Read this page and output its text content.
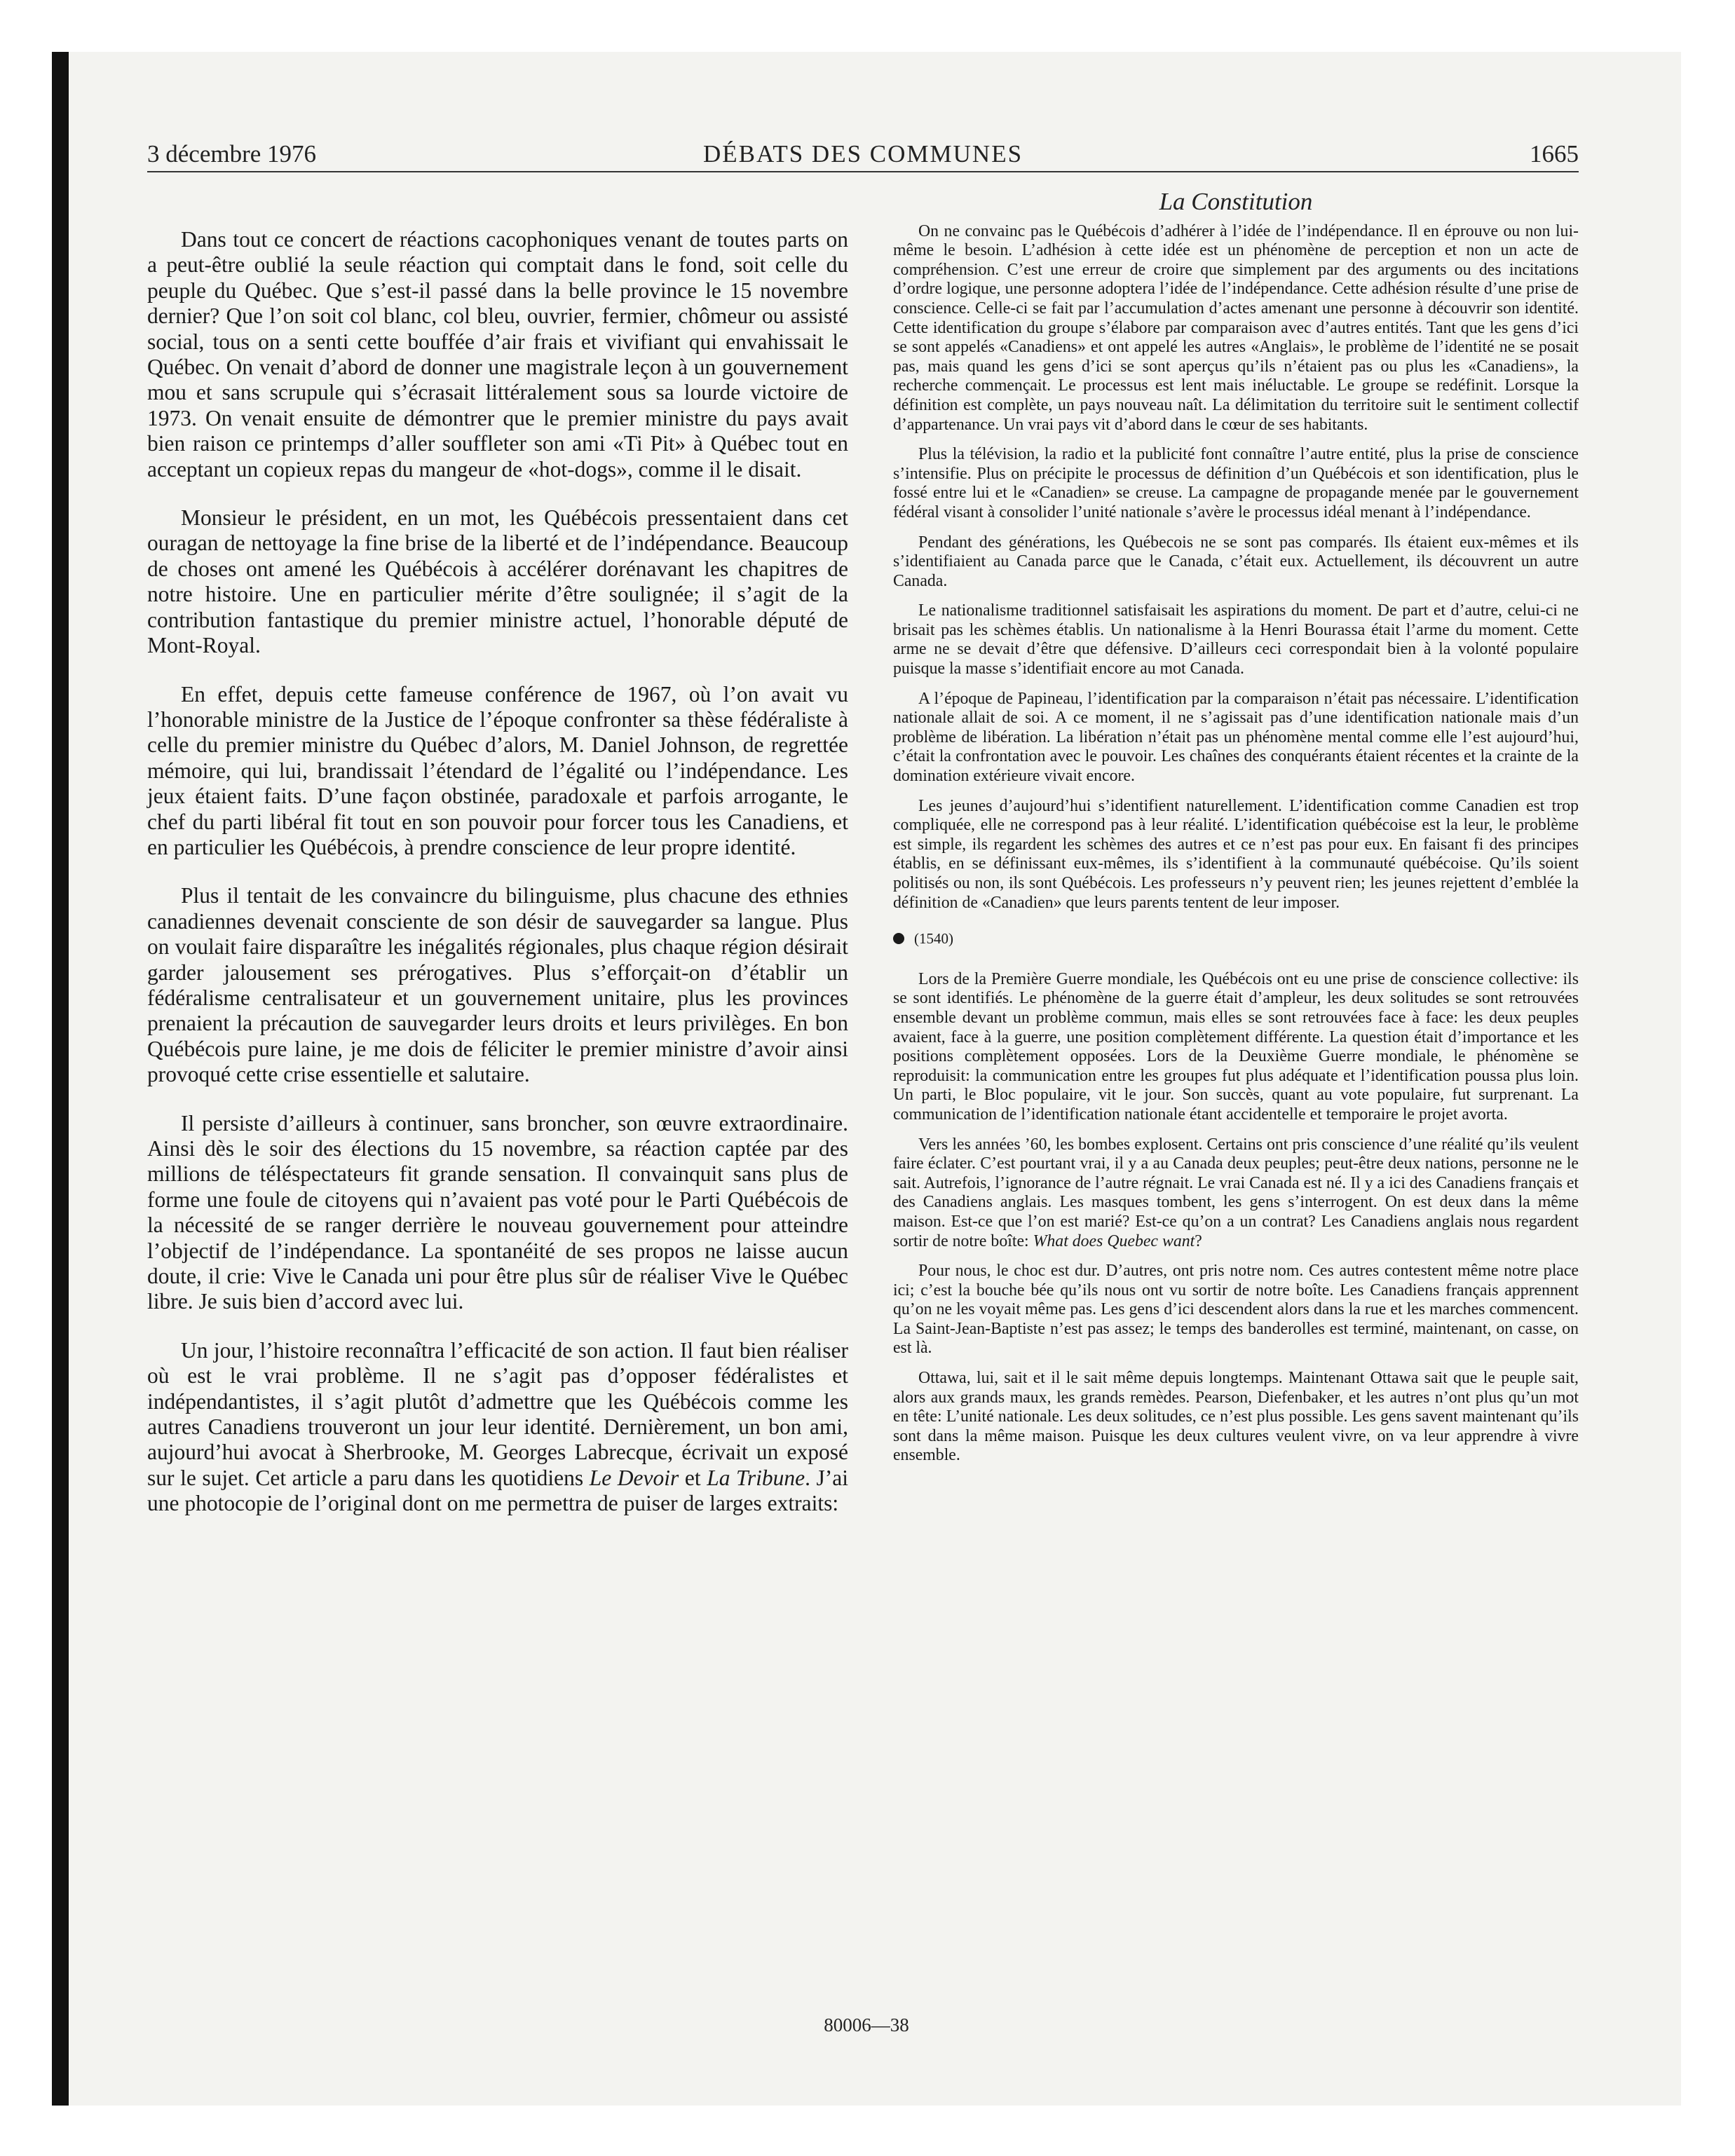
3 décembre 1976	DÉBATS DES COMMUNES	1665

Dans tout ce concert de réactions cacophoniques venant de toutes parts on a peut-être oublié la seule réaction qui comptait dans le fond, soit celle du peuple du Québec. Que s’est-il passé dans la belle province le 15 novembre dernier? Que l’on soit col blanc, col bleu, ouvrier, fermier, chômeur ou assisté social, tous on a senti cette bouffée d’air frais et vivifiant qui envahissait le Québec. On venait d’abord de donner une magistrale leçon à un gouvernement mou et sans scrupule qui s’écrasait littéralement sous sa lourde victoire de 1973. On venait ensuite de démontrer que le premier ministre du pays avait bien raison ce printemps d’aller souffleter son ami «Ti Pit» à Québec tout en acceptant un copieux repas du mangeur de «hot-dogs», comme il le disait.

Monsieur le président, en un mot, les Québécois pressentaient dans cet ouragan de nettoyage la fine brise de la liberté et de l’indépendance. Beaucoup de choses ont amené les Québécois à accélérer dorénavant les chapitres de notre histoire. Une en particulier mérite d’être soulignée; il s’agit de la contribution fantastique du premier ministre actuel, l’honorable député de Mont-Royal.

En effet, depuis cette fameuse conférence de 1967, où l’on avait vu l’honorable ministre de la Justice de l’époque confronter sa thèse fédéraliste à celle du premier ministre du Québec d’alors, M. Daniel Johnson, de regrettée mémoire, qui lui, brandissait l’étendard de l’égalité ou l’indépendance. Les jeux étaient faits. D’une façon obstinée, paradoxale et parfois arrogante, le chef du parti libéral fit tout en son pouvoir pour forcer tous les Canadiens, et en particulier les Québécois, à prendre conscience de leur propre identité.

Plus il tentait de les convaincre du bilinguisme, plus chacune des ethnies canadiennes devenait consciente de son désir de sauvegarder sa langue. Plus on voulait faire disparaître les inégalités régionales, plus chaque région désirait garder jalousement ses prérogatives. Plus s’efforçait-on d’établir un fédéralisme centralisateur et un gouvernement unitaire, plus les provinces prenaient la précaution de sauvegarder leurs droits et leurs privilèges. En bon Québécois pure laine, je me dois de féliciter le premier ministre d’avoir ainsi provoqué cette crise essentielle et salutaire.

Il persiste d’ailleurs à continuer, sans broncher, son œuvre extraordinaire. Ainsi dès le soir des élections du 15 novembre, sa réaction captée par des millions de téléspectateurs fit grande sensation. Il convainquit sans plus de forme une foule de citoyens qui n’avaient pas voté pour le Parti Québécois de la nécessité de se ranger derrière le nouveau gouvernement pour atteindre l’objectif de l’indépendance. La spontanéité de ses propos ne laisse aucun doute, il crie: Vive le Canada uni pour être plus sûr de réaliser Vive le Québec libre. Je suis bien d’accord avec lui.

Un jour, l’histoire reconnaîtra l’efficacité de son action. Il faut bien réaliser où est le vrai problème. Il ne s’agit pas d’opposer fédéralistes et indépendantistes, il s’agit plutôt d’admettre que les Québécois comme les autres Canadiens trouveront un jour leur identité. Dernièrement, un bon ami, aujourd’hui avocat à Sherbrooke, M. Georges Labrecque, écrivait un exposé sur le sujet. Cet article a paru dans les quotidiens Le Devoir et La Tribune. J’ai une photocopie de l’original dont on me permettra de puiser de larges extraits:

La Constitution

On ne convainc pas le Québécois d’adhérer à l’idée de l’indépendance. Il en éprouve ou non lui-même le besoin. L’adhésion à cette idée est un phénomène de perception et non un acte de compréhension. C’est une erreur de croire que simplement par des arguments ou des incitations d’ordre logique, une personne adoptera l’idée de l’indépendance. Cette adhésion résulte d’une prise de conscience. Celle-ci se fait par l’accumulation d’actes amenant une personne à découvrir son identité. Cette identification du groupe s’élabore par comparaison avec d’autres entités. Tant que les gens d’ici se sont appelés «Canadiens» et ont appelé les autres «Anglais», le problème de l’identité ne se posait pas, mais quand les gens d’ici se sont aperçus qu’ils n’étaient pas ou plus les «Canadiens», la recherche commençait. Le processus est lent mais inéluctable. Le groupe se redéfinit. Lorsque la définition est complète, un pays nouveau naît. La délimitation du territoire suit le sentiment collectif d’appartenance. Un vrai pays vit d’abord dans le cœur de ses habitants.

Plus la télévision, la radio et la publicité font connaître l’autre entité, plus la prise de conscience s’intensifie. Plus on précipite le processus de définition d’un Québécois et son identification, plus le fossé entre lui et le «Canadien» se creuse. La campagne de propagande menée par le gouvernement fédéral visant à consolider l’unité nationale s’avère le processus idéal menant à l’indépendance.

Pendant des générations, les Québecois ne se sont pas comparés. Ils étaient eux-mêmes et ils s’identifiaient au Canada parce que le Canada, c’était eux. Actuellement, ils découvrent un autre Canada.

Le nationalisme traditionnel satisfaisait les aspirations du moment. De part et d’autre, celui-ci ne brisait pas les schèmes établis. Un nationalisme à la Henri Bourassa était l’arme du moment. Cette arme ne se devait d’être que défensive. D’ailleurs ceci correspondait bien à la volonté populaire puisque la masse s’identifiait encore au mot Canada.

A l’époque de Papineau, l’identification par la comparaison n’était pas nécessaire. L’identification nationale allait de soi. A ce moment, il ne s’agissait pas d’une identification nationale mais d’un problème de libération. La libération n’était pas un phénomène mental comme elle l’est aujourd’hui, c’était la confrontation avec le pouvoir. Les chaînes des conquérants étaient récentes et la crainte de la domination extérieure vivait encore.

Les jeunes d’aujourd’hui s’identifient naturellement. L’identification comme Canadien est trop compliquée, elle ne correspond pas à leur réalité. L’identification québécoise est la leur, le problème est simple, ils regardent les schèmes des autres et ce n’est pas pour eux. En faisant fi des principes établis, en se définissant eux-mêmes, ils s’identifient à la communauté québécoise. Qu’ils soient politisés ou non, ils sont Québécois. Les professeurs n’y peuvent rien; les jeunes rejettent d’emblée la définition de «Canadien» que leurs parents tentent de leur imposer.

(1540)

Lors de la Première Guerre mondiale, les Québécois ont eu une prise de conscience collective: ils se sont identifiés. Le phénomène de la guerre était d’ampleur, les deux solitudes se sont retrouvées ensemble devant un problème commun, mais elles se sont retrouvées face à face: les deux peuples avaient, face à la guerre, une position complètement différente. La question était d’importance et les positions complètement opposées. Lors de la Deuxième Guerre mondiale, le phénomène se reproduisit: la communication entre les groupes fut plus adéquate et l’identification poussa plus loin. Un parti, le Bloc populaire, vit le jour. Son succès, quant au vote populaire, fut surprenant. La communication de l’identification nationale étant accidentelle et temporaire le projet avorta.

Vers les années ’60, les bombes explosent. Certains ont pris conscience d’une réalité qu’ils veulent faire éclater. C’est pourtant vrai, il y a au Canada deux peuples; peut-être deux nations, personne ne le sait. Autrefois, l’ignorance de l’autre régnait. Le vrai Canada est né. Il y a ici des Canadiens français et des Canadiens anglais. Les masques tombent, les gens s’interrogent. On est deux dans la même maison. Est-ce que l’on est marié? Est-ce qu’on a un contrat? Les Canadiens anglais nous regardent sortir de notre boîte: What does Quebec want?

Pour nous, le choc est dur. D’autres, ont pris notre nom. Ces autres contestent même notre place ici; c’est la bouche bée qu’ils nous ont vu sortir de notre boîte. Les Canadiens français apprennent qu’on ne les voyait même pas. Les gens d’ici descendent alors dans la rue et les marches commencent. La Saint-Jean-Baptiste n’est pas assez; le temps des banderolles est terminé, maintenant, on casse, on est là.

Ottawa, lui, sait et il le sait même depuis longtemps. Maintenant Ottawa sait que le peuple sait, alors aux grands maux, les grands remèdes. Pearson, Diefenbaker, et les autres n’ont plus qu’un mot en tête: L’unité nationale. Les deux solitudes, ce n’est plus possible. Les gens savent maintenant qu’ils sont dans la même maison. Puisque les deux cultures veulent vivre, on va leur apprendre à vivre ensemble.

80006—38
